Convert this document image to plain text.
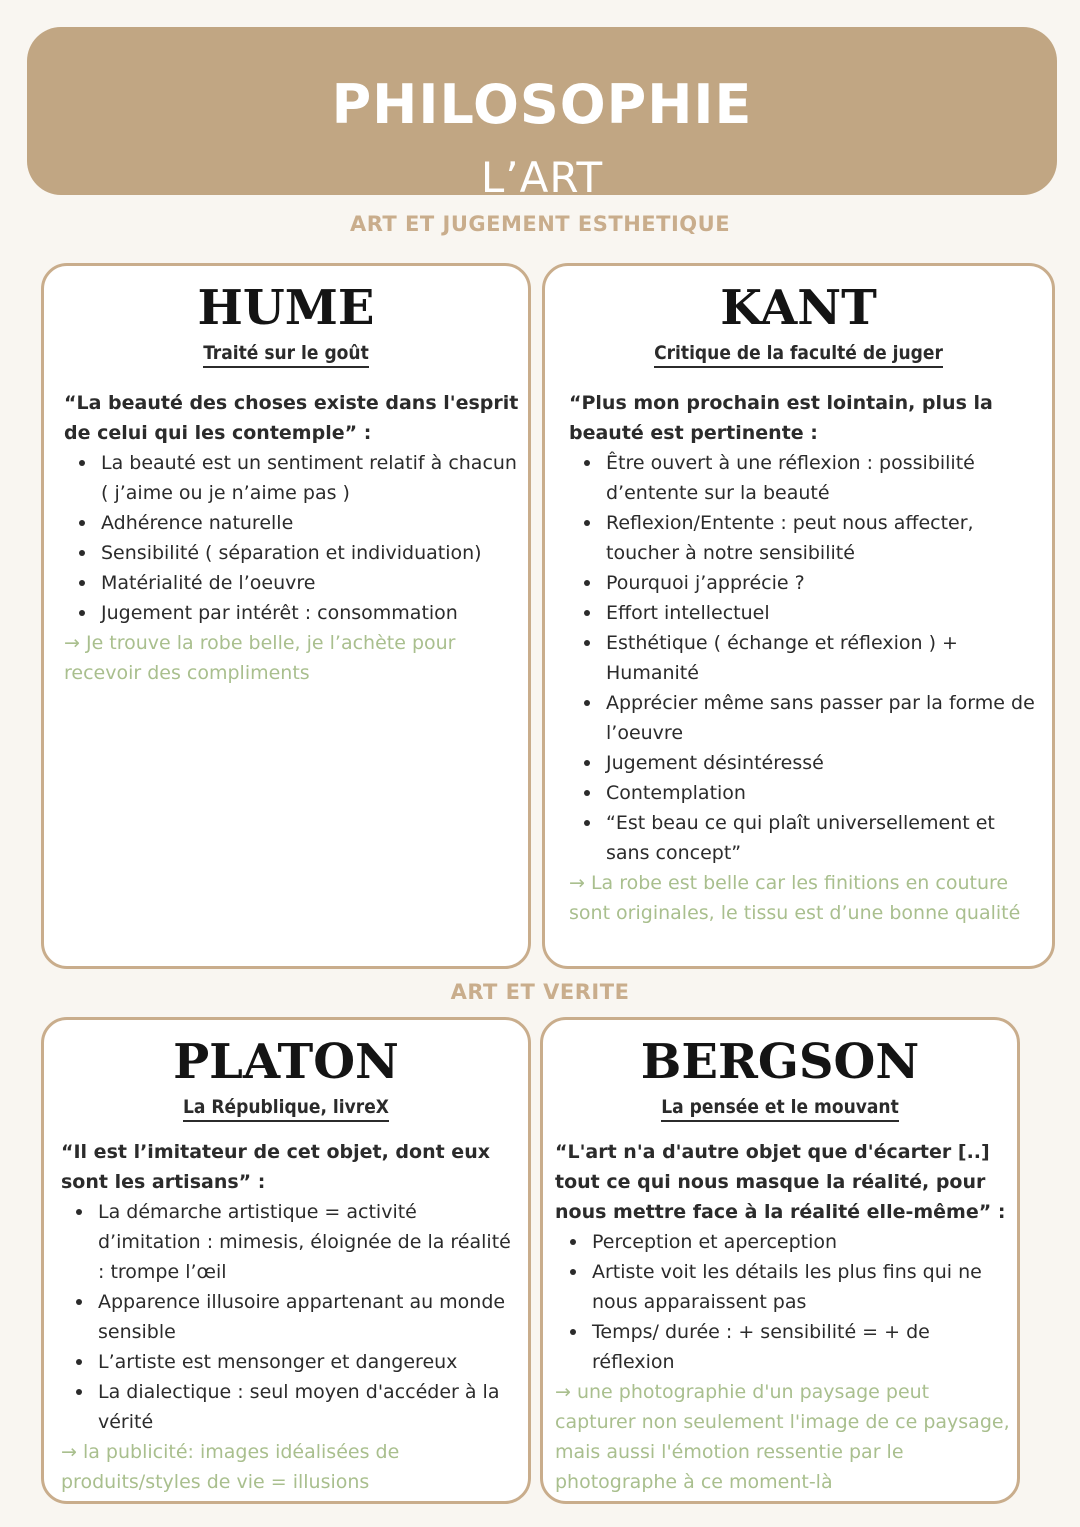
PHILOSOPHIE
L’ART
ART ET JUGEMENT ESTHETIQUE
HUME
Traité sur le goût
“La beauté des choses existe dans l'esprit de celui qui les contemple” :
La beauté est un sentiment relatif à chacun ( j’aime ou je n’aime pas )
Adhérence naturelle
Sensibilité ( séparation et individuation)
Matérialité de l’oeuvre
Jugement par intérêt : consommation
→ Je trouve la robe belle, je l’achète pour recevoir des compliments
KANT
Critique de la faculté de juger
“Plus mon prochain est lointain, plus la beauté est pertinente :
Être ouvert à une réflexion : possibilité d’entente sur la beauté
Reflexion/Entente : peut nous affecter, toucher à notre sensibilité
Pourquoi j’apprécie ?
Effort intellectuel
Esthétique ( échange et réflexion ) + Humanité
Apprécier même sans passer par la forme de l’oeuvre
Jugement désintéressé
Contemplation
“Est beau ce qui plaît universellement et sans concept”
→ La robe est belle car les finitions en couture sont originales, le tissu est d’une bonne qualité
ART ET VERITE
PLATON
La République, livreX
“Il est l’imitateur de cet objet, dont eux sont les artisans” :
La démarche artistique = activité d’imitation : mimesis, éloignée de la réalité : trompe l’œil
Apparence illusoire appartenant au monde sensible
L’artiste est mensonger et dangereux
La dialectique : seul moyen d'accéder à la vérité
→ la publicité: images idéalisées de produits/styles de vie = illusions
BERGSON
La pensée et le mouvant
“L'art n'a d'autre objet que d'écarter [..] tout ce qui nous masque la réalité, pour nous mettre face à la réalité elle-même” :
Perception et aperception
Artiste voit les détails les plus fins qui ne nous apparaissent pas
Temps/ durée : + sensibilité = + de réflexion
→ une photographie d'un paysage peut capturer non seulement l'image de ce paysage, mais aussi l'émotion ressentie par le photographe à ce moment-là
